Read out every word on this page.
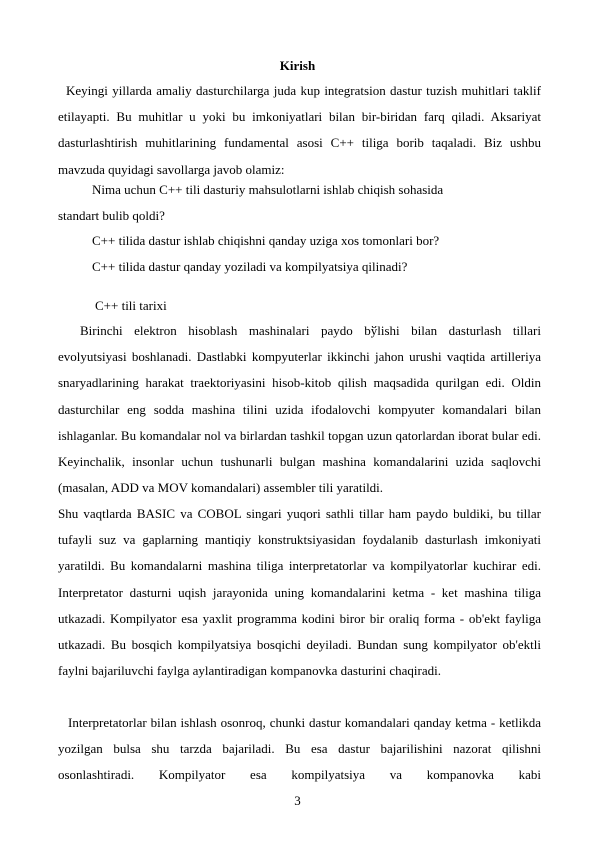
Kirish

Keyingi yillarda amaliy dasturchilarga juda kup integratsion dastur tuzish muhitlari taklif etilayapti. Bu muhitlar u yoki bu imkoniyatlari bilan bir-biridan farq qiladi. Aksariyat dasturlashtirish muhitlarining fundamental asosi C++ tiliga borib taqaladi. Biz ushbu mavzuda quyidagi savollarga javob olamiz:

Nima uchun C++ tili dasturiy mahsulotlarni ishlab chiqish sohasida

standart bulib qoldi?

C++ tilida dastur ishlab chiqishni qanday uziga xos tomonlari bor?

C++ tilida dastur qanday yoziladi va kompilyatsiya qilinadi?

C++ tili tarixi

Birinchi elektron hisoblash mashinalari paydo bўlishi bilan dasturlash tillari evolyutsiyasi boshlanadi. Dastlabki kompyuterlar ikkinchi jahon urushi vaqtida artilleriya snaryadlarining harakat traektoriyasini hisob-kitob qilish maqsadida qurilgan edi. Oldin dasturchilar eng sodda mashina tilini uzida ifodalovchi kompyuter komandalari bilan ishlaganlar. Bu komandalar nol va birlardan tashkil topgan uzun qatorlardan iborat bular edi. Keyinchalik, insonlar uchun tushunarli bulgan mashina komandalarini uzida saqlovchi (masalan, ADD va MOV komandalari) assembler tili yaratildi.

Shu vaqtlarda BASIC va COBOL singari yuqori sathli tillar ham paydo buldiki, bu tillar tufayli suz va gaplarning mantiqiy konstruktsiyasidan foydalanib dasturlash imkoniyati yaratildi. Bu komandalarni mashina tiliga interpretatorlar va kompilyatorlar kuchirar edi. Interpretator dasturni uqish jarayonida uning komandalarini ketma - ket mashina tiliga utkazadi. Kompilyator esa yaxlit programma kodini biror bir oraliq forma - ob'ekt fayliga utkazadi. Bu bosqich kompilyatsiya bosqichi deyiladi. Bundan sung kompilyator ob'ektli faylni bajariluvchi faylga aylantiradigan kompanovka dasturini chaqiradi.

Interpretatorlar bilan ishlash osonroq, chunki dastur komandalari qanday ketma - ketlikda yozilgan bulsa shu tarzda bajariladi. Bu esa dastur bajarilishini nazorat qilishni osonlashtiradi. Kompilyator esa kompilyatsiya va kompanovka kabi

3
